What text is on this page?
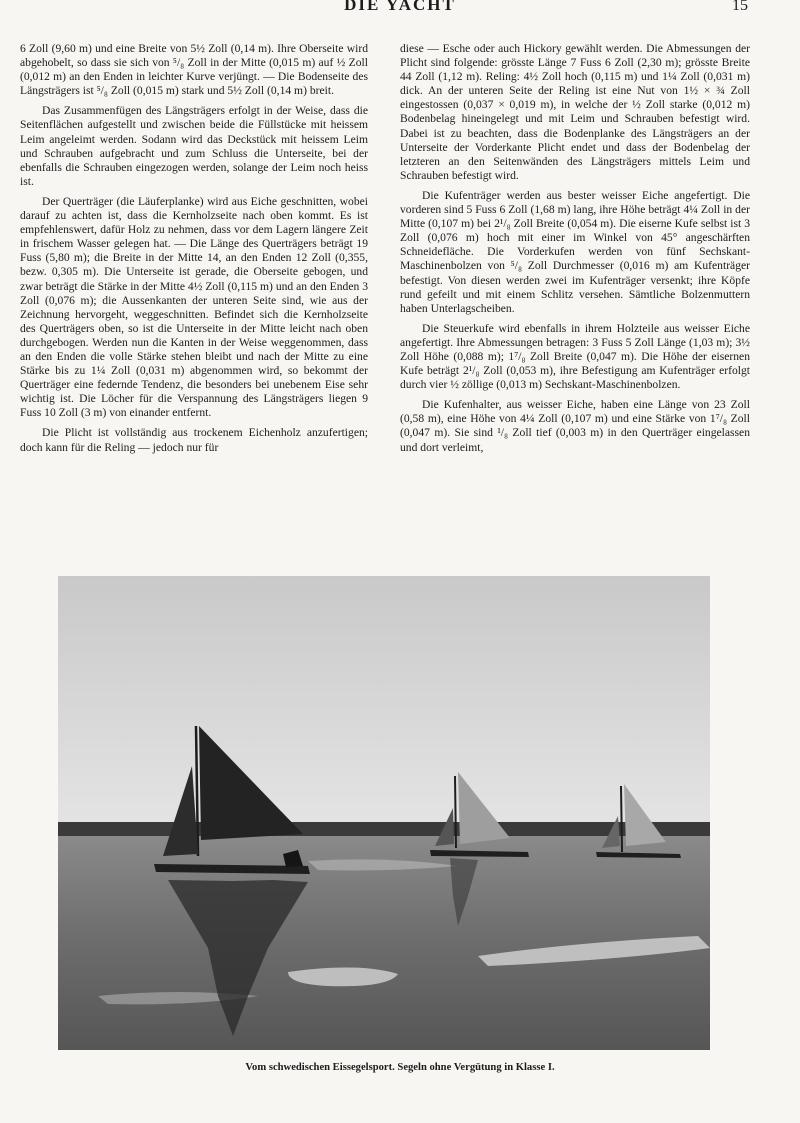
DIE YACHT	15

6 Zoll (9,60 m) und eine Breite von 5½ Zoll (0,14 m). Ihre Oberseite wird abgehobelt, so dass sie sich von ⁵/₈ Zoll in der Mitte (0,015 m) auf ½ Zoll (0,012 m) an den Enden in leichter Kurve verjüngt. — Die Bodenseite des Längsträgers ist ⁵/₈ Zoll (0,015 m) stark und 5½ Zoll (0,14 m) breit.

Das Zusammenfügen des Längsträgers erfolgt in der Weise, dass die Seitenflächen aufgestellt und zwischen beide die Füllstücke mit heissem Leim angeleimt werden. Sodann wird das Deckstück mit heissem Leim und Schrauben aufgebracht und zum Schluss die Unterseite, bei der ebenfalls die Schrauben eingezogen werden, solange der Leim noch heiss ist.

Der Querträger (die Läuferplanke) wird aus Eiche geschnitten, wobei darauf zu achten ist, dass die Kernholzseite nach oben kommt. Es ist empfehlenswert, dafür Holz zu nehmen, dass vor dem Lagern längere Zeit in frischem Wasser gelegen hat. — Die Länge des Querträgers beträgt 19 Fuss (5,80 m); die Breite in der Mitte 14, an den Enden 12 Zoll (0,355, bezw. 0,305 m). Die Unterseite ist gerade, die Oberseite gebogen, und zwar beträgt die Stärke in der Mitte 4½ Zoll (0,115 m) und an den Enden 3 Zoll (0,076 m); die Aussenkanten der unteren Seite sind, wie aus der Zeichnung hervorgeht, weggeschnitten. Befindet sich die Kernholzseite des Querträgers oben, so ist die Unterseite in der Mitte leicht nach oben durchgebogen. Werden nun die Kanten in der Weise weggenommen, dass an den Enden die volle Stärke stehen bleibt und nach der Mitte zu eine Stärke bis zu 1¼ Zoll (0,031 m) abgenommen wird, so bekommt der Querträger eine federnde Tendenz, die besonders bei unebenem Eise sehr wichtig ist. Die Löcher für die Verspannung des Längsträgers liegen 9 Fuss 10 Zoll (3 m) von einander entfernt.

Die Plicht ist vollständig aus trockenem Eichenholz anzufertigen; doch kann für die Reling — jedoch nur für

diese — Esche oder auch Hickory gewählt werden. Die Abmessungen der Plicht sind folgende: grösste Länge 7 Fuss 6 Zoll (2,30 m); grösste Breite 44 Zoll (1,12 m). Reling: 4½ Zoll hoch (0,115 m) und 1¼ Zoll (0,031 m) dick. An der unteren Seite der Reling ist eine Nut von 1½ × ¾ Zoll eingestossen (0,037 × 0,019 m), in welche der ½ Zoll starke (0,012 m) Bodenbelag hineingelegt und mit Leim und Schrauben befestigt wird. Dabei ist zu beachten, dass die Bodenplanke des Längsträgers an der Unterseite der Vorderkante Plicht endet und dass der Bodenbelag der letzteren an den Seitenwänden des Längsträgers mittels Leim und Schrauben befestigt wird.

Die Kufenträger werden aus bester weisser Eiche angefertigt. Die vorderen sind 5 Fuss 6 Zoll (1,68 m) lang, ihre Höhe beträgt 4¼ Zoll in der Mitte (0,107 m) bei 2¹/₈ Zoll Breite (0,054 m). Die eiserne Kufe selbst ist 3 Zoll (0,076 m) hoch mit einer im Winkel von 45° angeschärften Schneidefläche. Die Vorderkufen werden von fünf Sechskant-Maschinenbolzen von ⁵/₈ Zoll Durchmesser (0,016 m) am Kufenträger befestigt. Von diesen werden zwei im Kufenträger versenkt; ihre Köpfe rund gefeilt und mit einem Schlitz versehen. Sämtliche Bolzenmuttern haben Unterlagscheiben.

Die Steuerkufe wird ebenfalls in ihrem Holzteile aus weisser Eiche angefertigt. Ihre Abmessungen betragen: 3 Fuss 5 Zoll Länge (1,03 m); 3½ Zoll Höhe (0,088 m); 1⁷/₈ Zoll Breite (0,047 m). Die Höhe der eisernen Kufe beträgt 2¹/₈ Zoll (0,053 m), ihre Befestigung am Kufenträger erfolgt durch vier ½ zöllige (0,013 m) Sechskant-Maschinenbolzen.

Die Kufenhalter, aus weisser Eiche, haben eine Länge von 23 Zoll (0,58 m), eine Höhe von 4¼ Zoll (0,107 m) und eine Stärke von 1⁷/₈ Zoll (0,047 m). Sie sind ¹/₈ Zoll tief (0,003 m) in den Querträger eingelassen und dort verleimt,

Vom schwedischen Eissegelsport. Segeln ohne Vergütung in Klasse I.
